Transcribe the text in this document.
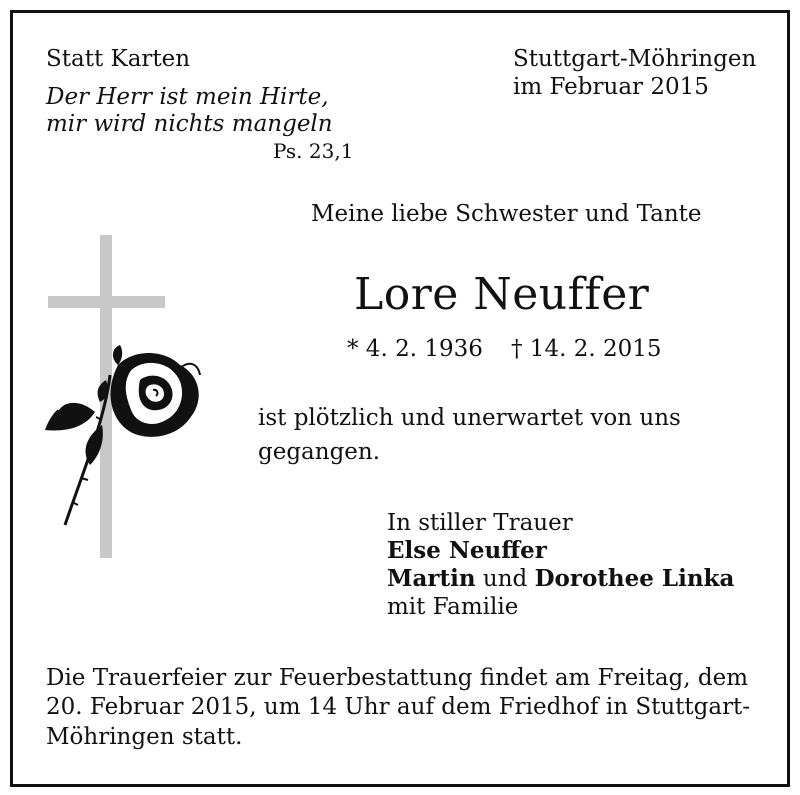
Statt Karten
Der Herr ist mein Hirte,
mir wird nichts mangeln
Ps. 23,1
Stuttgart-Möhringen
im Februar 2015
Meine liebe Schwester und Tante
Lore Neuffer
* 4. 2. 1936 † 14. 2. 2015
ist plötzlich und unerwartet von uns
gegangen.
In stiller Trauer
Else Neuffer
Martin und Dorothee Linka
mit Familie
Die Trauerfeier zur Feuerbestattung findet am Freitag, dem
20. Februar 2015, um 14 Uhr auf dem Friedhof in Stuttgart-
Möhringen statt.
